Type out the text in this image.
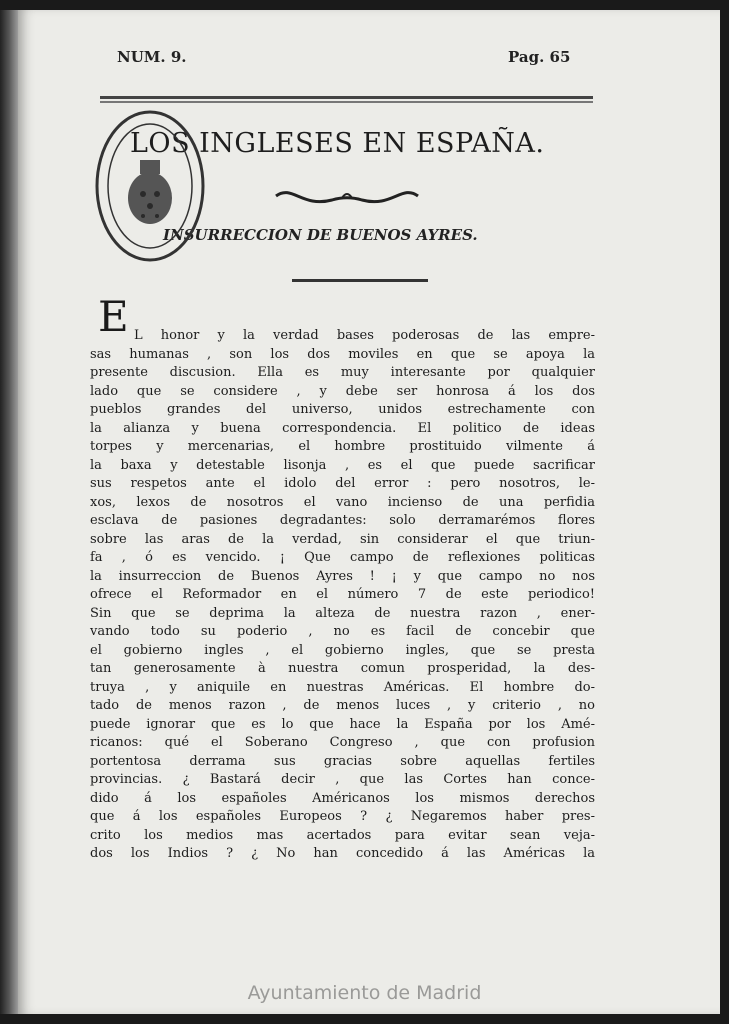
NUM. 9.	Pag. 65
LOS INGLESES EN ESPAÑA.
INSURRECCION DE BUENOS AYRES.
E L honor y la verdad bases poderosas de las empre-
sas humanas , son los dos moviles en que se apoya la
presente discusion. Ella es muy interesante por qualquier
lado que se considere , y debe ser honrosa á los dos
pueblos grandes del universo, unidos estrechamente con
la alianza y buena correspondencia. El politico de ideas
torpes y mercenarias, el hombre prostituido vilmente á
la baxa y detestable lisonja , es el que puede sacrificar
sus respetos ante el idolo del error : pero nosotros, le-
xos, lexos de nosotros el vano incienso de una perfidia
esclava de pasiones degradantes: solo derramarémos flores
sobre las aras de la verdad, sin considerar el que triun-
fa , ó es vencido. ¡ Que campo de reflexiones politicas
la insurreccion de Buenos Ayres ! ¡ y que campo no nos
ofrece el Reformador en el número 7 de este periodico!
Sin que se deprima la alteza de nuestra razon , ener-
vando todo su poderio , no es facil de concebir que
el gobierno ingles , el gobierno ingles, que se presta
tan generosamente à nuestra comun prosperidad, la des-
truya , y aniquile en nuestras Américas. El hombre do-
tado de menos razon , de menos luces , y criterio , no
puede ignorar que es lo que hace la España por los Amé-
ricanos: qué el Soberano Congreso , que con profusion
portentosa derrama sus gracias sobre aquellas fertiles
provincias. ¿ Bastará decir , que las Cortes han conce-
dido á los españoles Américanos los mismos derechos
que á los españoles Europeos ? ¿ Negaremos haber pres-
crito los medios mas acertados para evitar sean veja-
dos los Indios ? ¿ No han concedido á las Américas la
Ayuntamiento de Madrid
